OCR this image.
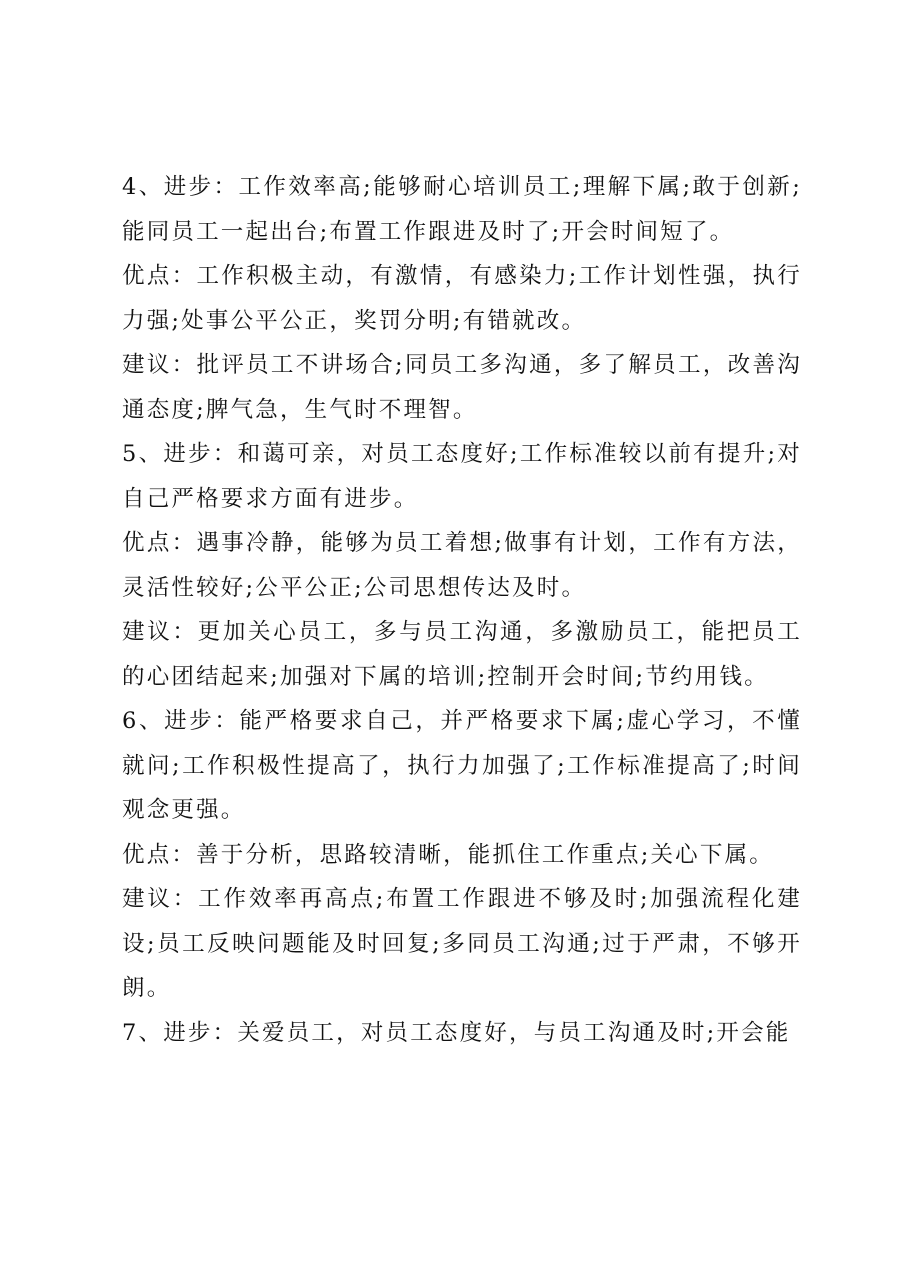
4、进步：工作效率高;能够耐心培训员工;理解下属;敢于创新;能同员工一起出台;布置工作跟进及时了;开会时间短了。

优点：工作积极主动，有激情，有感染力;工作计划性强，执行力强;处事公平公正，奖罚分明;有错就改。

建议：批评员工不讲场合;同员工多沟通，多了解员工，改善沟通态度;脾气急，生气时不理智。

5、进步：和蔼可亲，对员工态度好;工作标准较以前有提升;对自己严格要求方面有进步。

优点：遇事冷静，能够为员工着想;做事有计划，工作有方法，灵活性较好;公平公正;公司思想传达及时。

建议：更加关心员工，多与员工沟通，多激励员工，能把员工的心团结起来;加强对下属的培训;控制开会时间;节约用钱。

6、进步：能严格要求自己，并严格要求下属;虚心学习，不懂就问;工作积极性提高了，执行力加强了;工作标准提高了;时间观念更强。

优点：善于分析，思路较清晰，能抓住工作重点;关心下属。

建议：工作效率再高点;布置工作跟进不够及时;加强流程化建设;员工反映问题能及时回复;多同员工沟通;过于严肃，不够开朗。

7、进步：关爱员工，对员工态度好，与员工沟通及时;开会能
